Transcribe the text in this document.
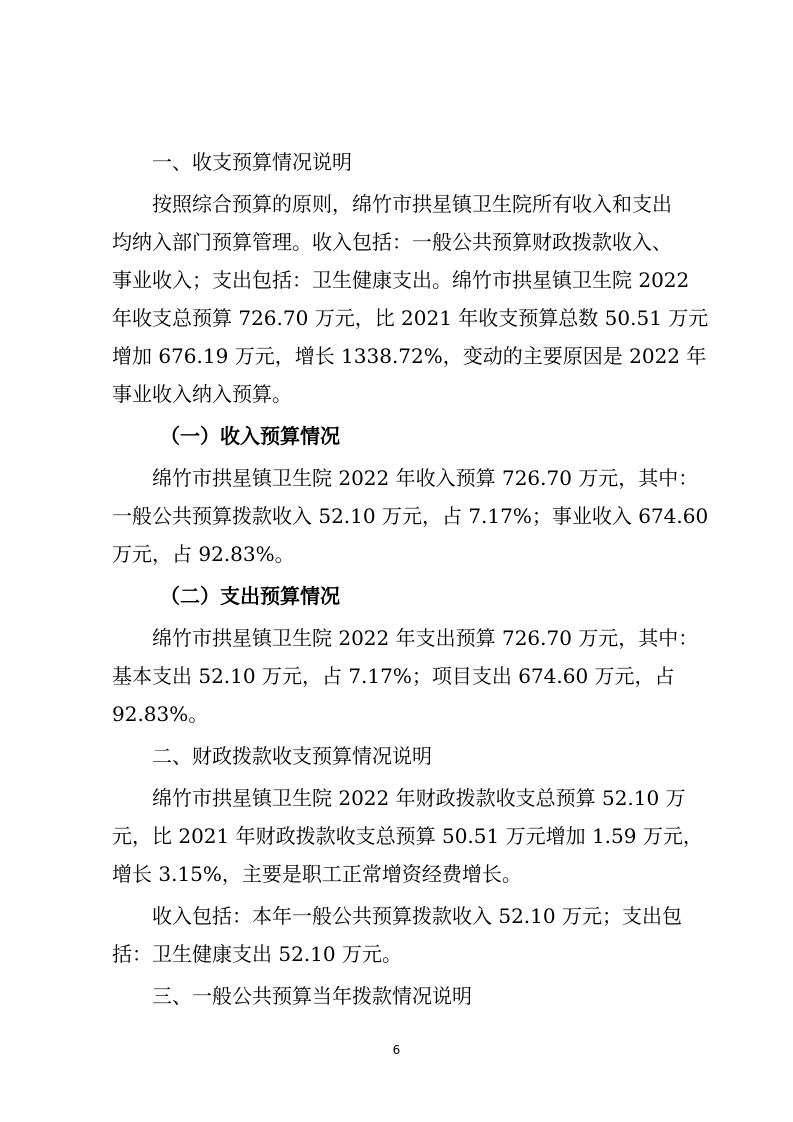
一、收支预算情况说明
按照综合预算的原则，绵竹市拱星镇卫生院所有收入和支出
均纳入部门预算管理。收入包括：一般公共预算财政拨款收入、
事业收入；支出包括：卫生健康支出。绵竹市拱星镇卫生院 2022
年收支总预算 726.70 万元，比 2021 年收支预算总数 50.51 万元
增加 676.19 万元，增长 1338.72%，变动的主要原因是 2022 年
事业收入纳入预算。
（一）收入预算情况
绵竹市拱星镇卫生院 2022 年收入预算 726.70 万元，其中：
一般公共预算拨款收入 52.10 万元，占 7.17%；事业收入 674.60
万元，占 92.83%。
（二）支出预算情况
绵竹市拱星镇卫生院 2022 年支出预算 726.70 万元，其中：
基本支出 52.10 万元，占 7.17%；项目支出 674.60 万元，占
92.83%。
二、财政拨款收支预算情况说明
绵竹市拱星镇卫生院 2022 年财政拨款收支总预算 52.10 万
元，比 2021 年财政拨款收支总预算 50.51 万元增加 1.59 万元，
增长 3.15%，主要是职工正常增资经费增长。
收入包括：本年一般公共预算拨款收入 52.10 万元；支出包
括：卫生健康支出 52.10 万元。
三、一般公共预算当年拨款情况说明
6
